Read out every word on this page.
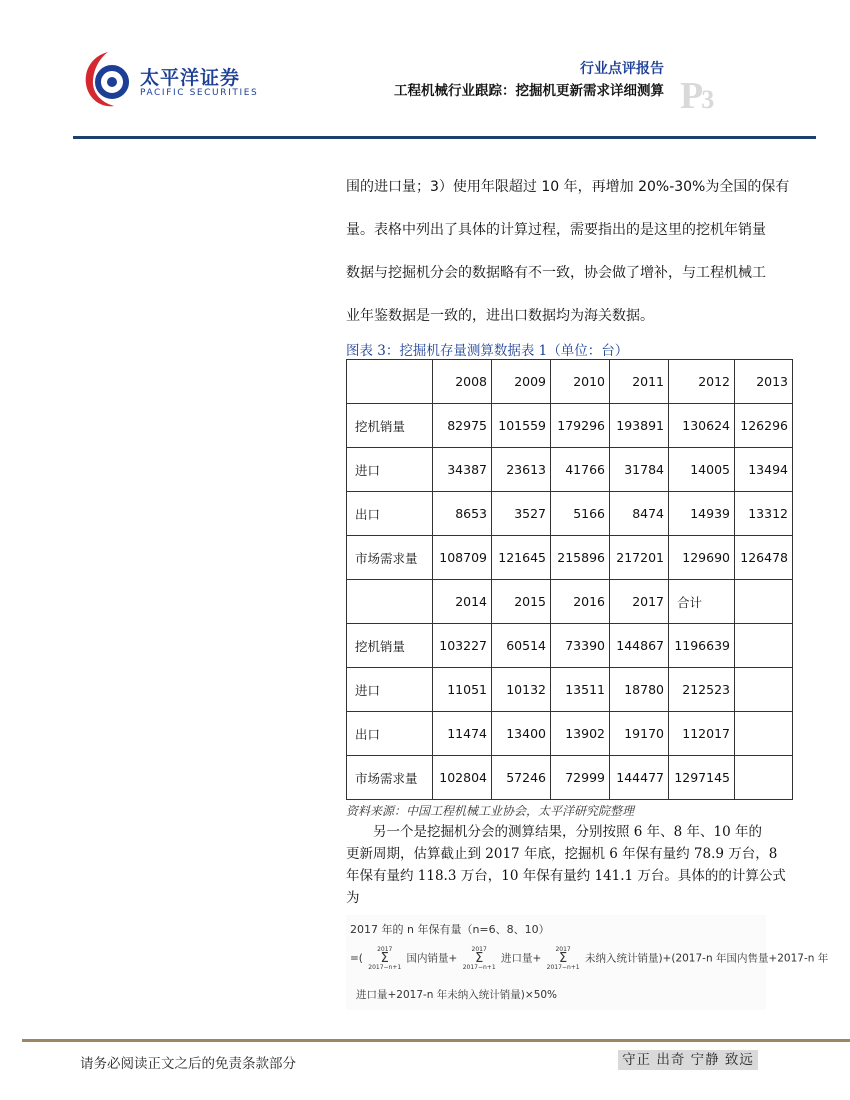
太平洋证券
PACIFIC SECURITIES
行业点评报告
工程机械行业跟踪：挖掘机更新需求详细测算 P3
围的进口量；3）使用年限超过 10 年，再增加 20%-30%为全国的保有
量。表格中列出了具体的计算过程，需要指出的是这里的挖机年销量
数据与挖掘机分会的数据略有不一致，协会做了增补，与工程机械工
业年鉴数据是一致的，进出口数据均为海关数据。
图表 3：挖掘机存量测算数据表 1（单位：台）
	2008	2009	2010	2011	2012	2013
挖机销量	82975	101559	179296	193891	130624	126296
进口	34387	23613	41766	31784	14005	13494
出口	8653	3527	5166	8474	14939	13312
市场需求量	108709	121645	215896	217201	129690	126478
	2014	2015	2016	2017	合计	
挖机销量	103227	60514	73390	144867	1196639	
进口	11051	10132	13511	18780	212523	
出口	11474	13400	13902	19170	112017	
市场需求量	102804	57246	72999	144477	1297145	
资料来源：中国工程机械工业协会，太平洋研究院整理
另一个是挖掘机分会的测算结果，分别按照 6 年、8 年、10 年的
更新周期，估算截止到 2017 年底，挖掘机 6 年保有量约 78.9 万台，8
年保有量约 118.3 万台，10 年保有量约 141.1 万台。具体的的计算公式
为
2017 年的 n 年保有量（n=6、8、10）
=(
2017
Σ
2017−n+1
国内销量+
2017
Σ
2017−n+1
进口量+
2017
Σ
2017−n+1
未纳入统计销量)+(2017-n 年国内售量+2017-n 年
进口量+2017-n 年未纳入统计销量)×50%
请务必阅读正文之后的免责条款部分	守正 出奇 宁静 致远
